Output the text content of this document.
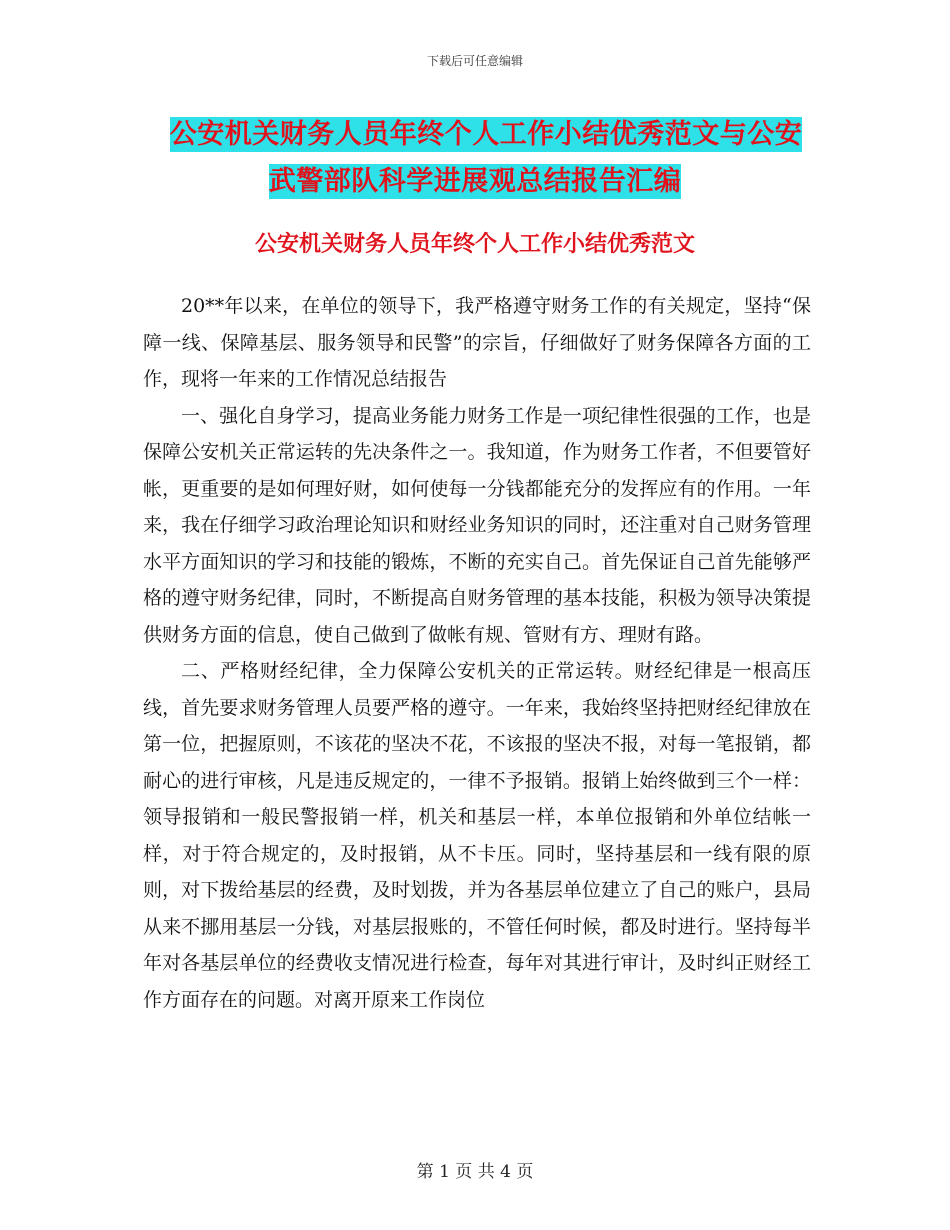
下载后可任意编辑
公安机关财务人员年终个人工作小结优秀范文与公安
武警部队科学进展观总结报告汇编
公安机关财务人员年终个人工作小结优秀范文

20**年以来，在单位的领导下，我严格遵守财务工作的有关规定，坚持“保障一线、保障基层、服务领导和民警”的宗旨，仔细做好了财务保障各方面的工作，现将一年来的工作情况总结报告

一、强化自身学习，提高业务能力财务工作是一项纪律性很强的工作，也是保障公安机关正常运转的先决条件之一。我知道，作为财务工作者，不但要管好帐，更重要的是如何理好财，如何使每一分钱都能充分的发挥应有的作用。一年来，我在仔细学习政治理论知识和财经业务知识的同时，还注重对自己财务管理水平方面知识的学习和技能的锻炼，不断的充实自己。首先保证自己首先能够严格的遵守财务纪律，同时，不断提高自财务管理的基本技能，积极为领导决策提供财务方面的信息，使自己做到了做帐有规、管财有方、理财有路。

二、严格财经纪律，全力保障公安机关的正常运转。财经纪律是一根高压线，首先要求财务管理人员要严格的遵守。一年来，我始终坚持把财经纪律放在第一位，把握原则，不该花的坚决不花，不该报的坚决不报，对每一笔报销，都耐心的进行审核，凡是违反规定的，一律不予报销。报销上始终做到三个一样：领导报销和一般民警报销一样，机关和基层一样，本单位报销和外单位结帐一样，对于符合规定的，及时报销，从不卡压。同时，坚持基层和一线有限的原则，对下拨给基层的经费，及时划拨，并为各基层单位建立了自己的账户，县局从来不挪用基层一分钱，对基层报账的，不管任何时候，都及时进行。坚持每半年对各基层单位的经费收支情况进行检查，每年对其进行审计，及时纠正财经工作方面存在的问题。对离开原来工作岗位

第 1 页 共 4 页
